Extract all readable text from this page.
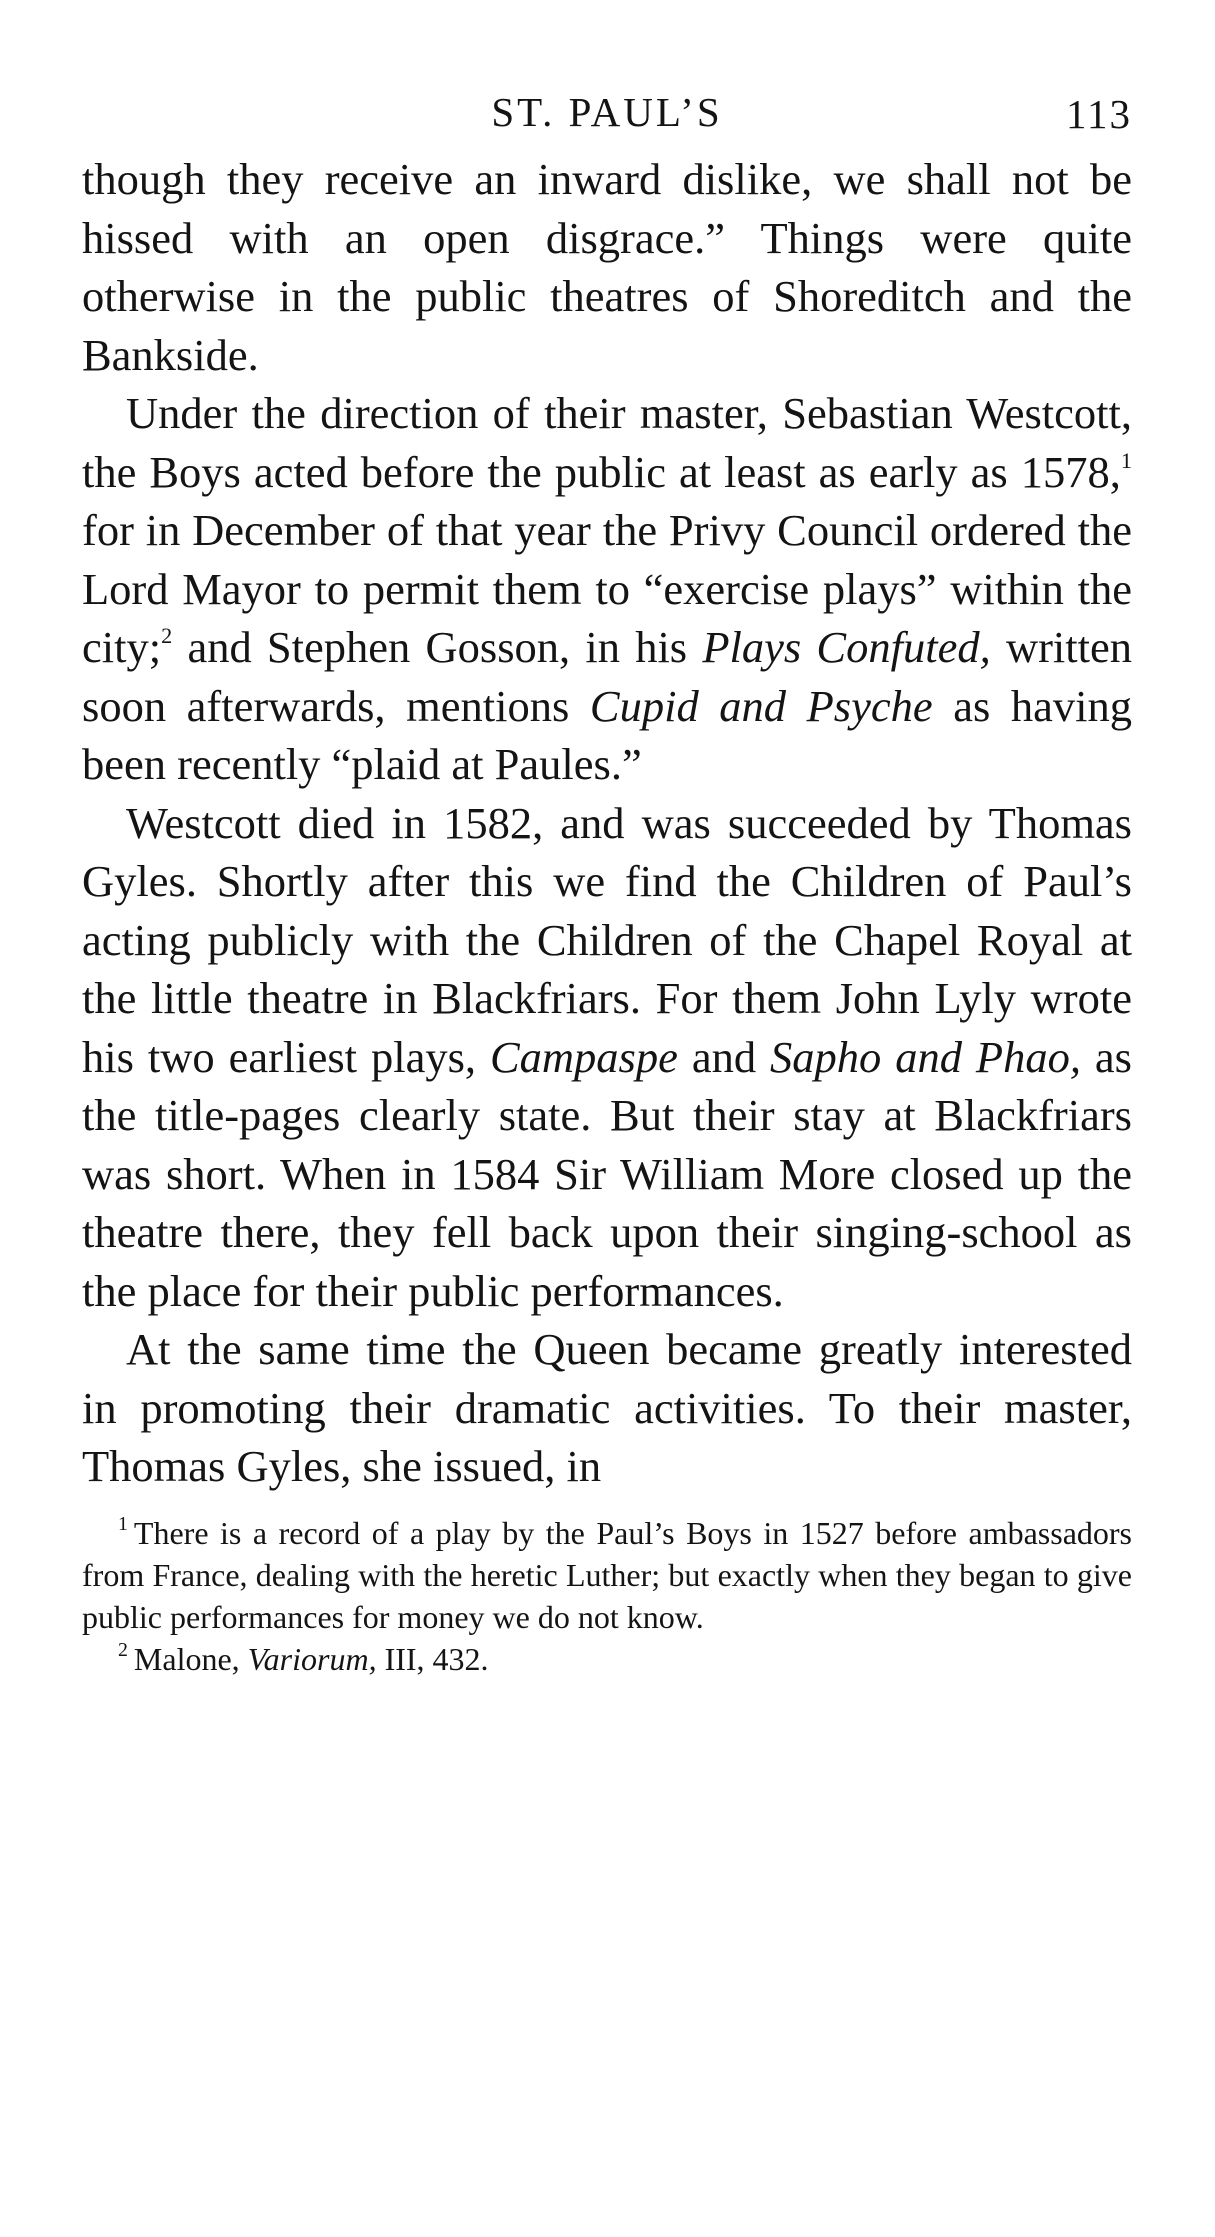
ST. PAUL’S	113

though they receive an inward dislike, we shall not be hissed with an open disgrace.” Things were quite otherwise in the public theatres of Shoreditch and the Bankside.

Under the direction of their master, Sebastian Westcott, the Boys acted before the public at least as early as 1578,$^1$ for in December of that year the Privy Council ordered the Lord Mayor to permit them to “exercise plays” within the city;$^2$ and Stephen Gosson, in his Plays Confuted, written soon afterwards, mentions Cupid and Psyche as having been recently “plaid at Paules.”

Westcott died in 1582, and was succeeded by Thomas Gyles. Shortly after this we find the Children of Paul’s acting publicly with the Children of the Chapel Royal at the little theatre in Blackfriars. For them John Lyly wrote his two earliest plays, Campaspe and Sapho and Phao, as the title-pages clearly state. But their stay at Blackfriars was short. When in 1584 Sir William More closed up the theatre there, they fell back upon their singing-school as the place for their public performances.

At the same time the Queen became greatly interested in promoting their dramatic activities. To their master, Thomas Gyles, she issued, in

$^1$ There is a record of a play by the Paul’s Boys in 1527 before ambassadors from France, dealing with the heretic Luther; but exactly when they began to give public performances for money we do not know.

$^2$ Malone, Variorum, III, 432.
